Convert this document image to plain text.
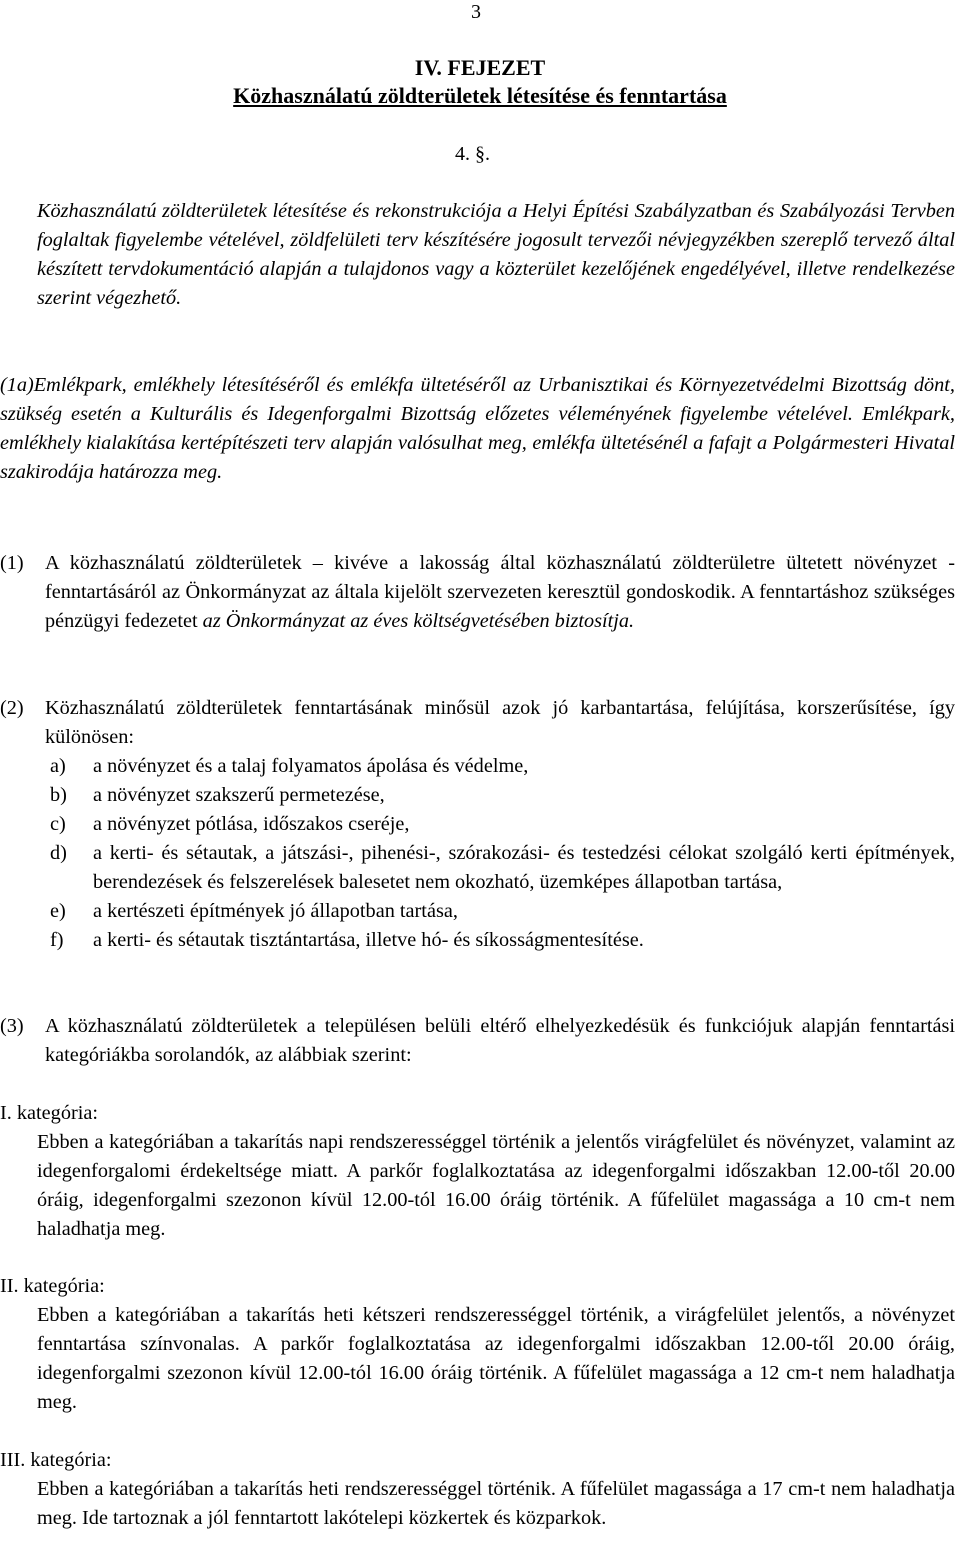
3
IV. FEJEZET
Közhasználatú zöldterületek létesítése és fenntartása
4. §.
Közhasználatú zöldterületek létesítése és rekonstrukciója a Helyi Építési Szabályzatban és Szabályozási Tervben foglaltak figyelembe vételével, zöldfelületi terv készítésére jogosult tervezői névjegyzékben szereplő tervező által készített tervdokumentáció alapján a tulajdonos vagy a közterület kezelőjének engedélyével, illetve rendelkezése szerint végezhető.
(1a)Emlékpark, emlékhely létesítéséről és emlékfa ültetéséről az Urbanisztikai és Környezetvédelmi Bizottság dönt, szükség esetén a Kulturális és Idegenforgalmi Bizottság előzetes véleményének figyelembe vételével. Emlékpark, emlékhely kialakítása kertépítészeti terv alapján valósulhat meg, emlékfa ültetésénél a fafajt a Polgármesteri Hivatal szakirodája határozza meg.
(1) A közhasználatú zöldterületek – kivéve a lakosság által közhasználatú zöldterületre ültetett növényzet - fenntartásáról az Önkormányzat az általa kijelölt szervezeten keresztül gondoskodik. A fenntartáshoz szükséges pénzügyi fedezetet az Önkormányzat az éves költségvetésében biztosítja.
(2) Közhasználatú zöldterületek fenntartásának minősül azok jó karbantartása, felújítása, korszerűsítése, így különösen:
a) a növényzet és a talaj folyamatos ápolása és védelme,
b) a növényzet szakszerű permetezése,
c) a növényzet pótlása, időszakos cseréje,
d) a kerti- és sétautak, a játszási-, pihenési-, szórakozási- és testedzési célokat szolgáló kerti építmények, berendezések és felszerelések balesetet nem okozható, üzemképes állapotban tartása,
e) a kertészeti építmények jó állapotban tartása,
f) a kerti- és sétautak tisztántartása, illetve hó- és síkosságmentesítése.
(3) A közhasználatú zöldterületek a településen belüli eltérő elhelyezkedésük és funkciójuk alapján fenntartási kategóriákba sorolandók, az alábbiak szerint:
I. kategória:
Ebben a kategóriában a takarítás napi rendszerességgel történik a jelentős virágfelület és növényzet, valamint az idegenforgalomi érdekeltsége miatt. A parkőr foglalkoztatása az idegenforgalmi időszakban 12.00-től 20.00 óráig, idegenforgalmi szezonon kívül 12.00-tól 16.00 óráig történik. A fűfelület magassága a 10 cm-t nem haladhatja meg.
II. kategória:
Ebben a kategóriában a takarítás heti kétszeri rendszerességgel történik, a virágfelület jelentős, a növényzet fenntartása színvonalas. A parkőr foglalkoztatása az idegenforgalmi időszakban 12.00-től 20.00 óráig, idegenforgalmi szezonon kívül 12.00-tól 16.00 óráig történik. A fűfelület magassága a 12 cm-t nem haladhatja meg.
III. kategória:
Ebben a kategóriában a takarítás heti rendszerességgel történik. A fűfelület magassága a 17 cm-t nem haladhatja meg. Ide tartoznak a jól fenntartott lakótelepi közkertek és közparkok.
